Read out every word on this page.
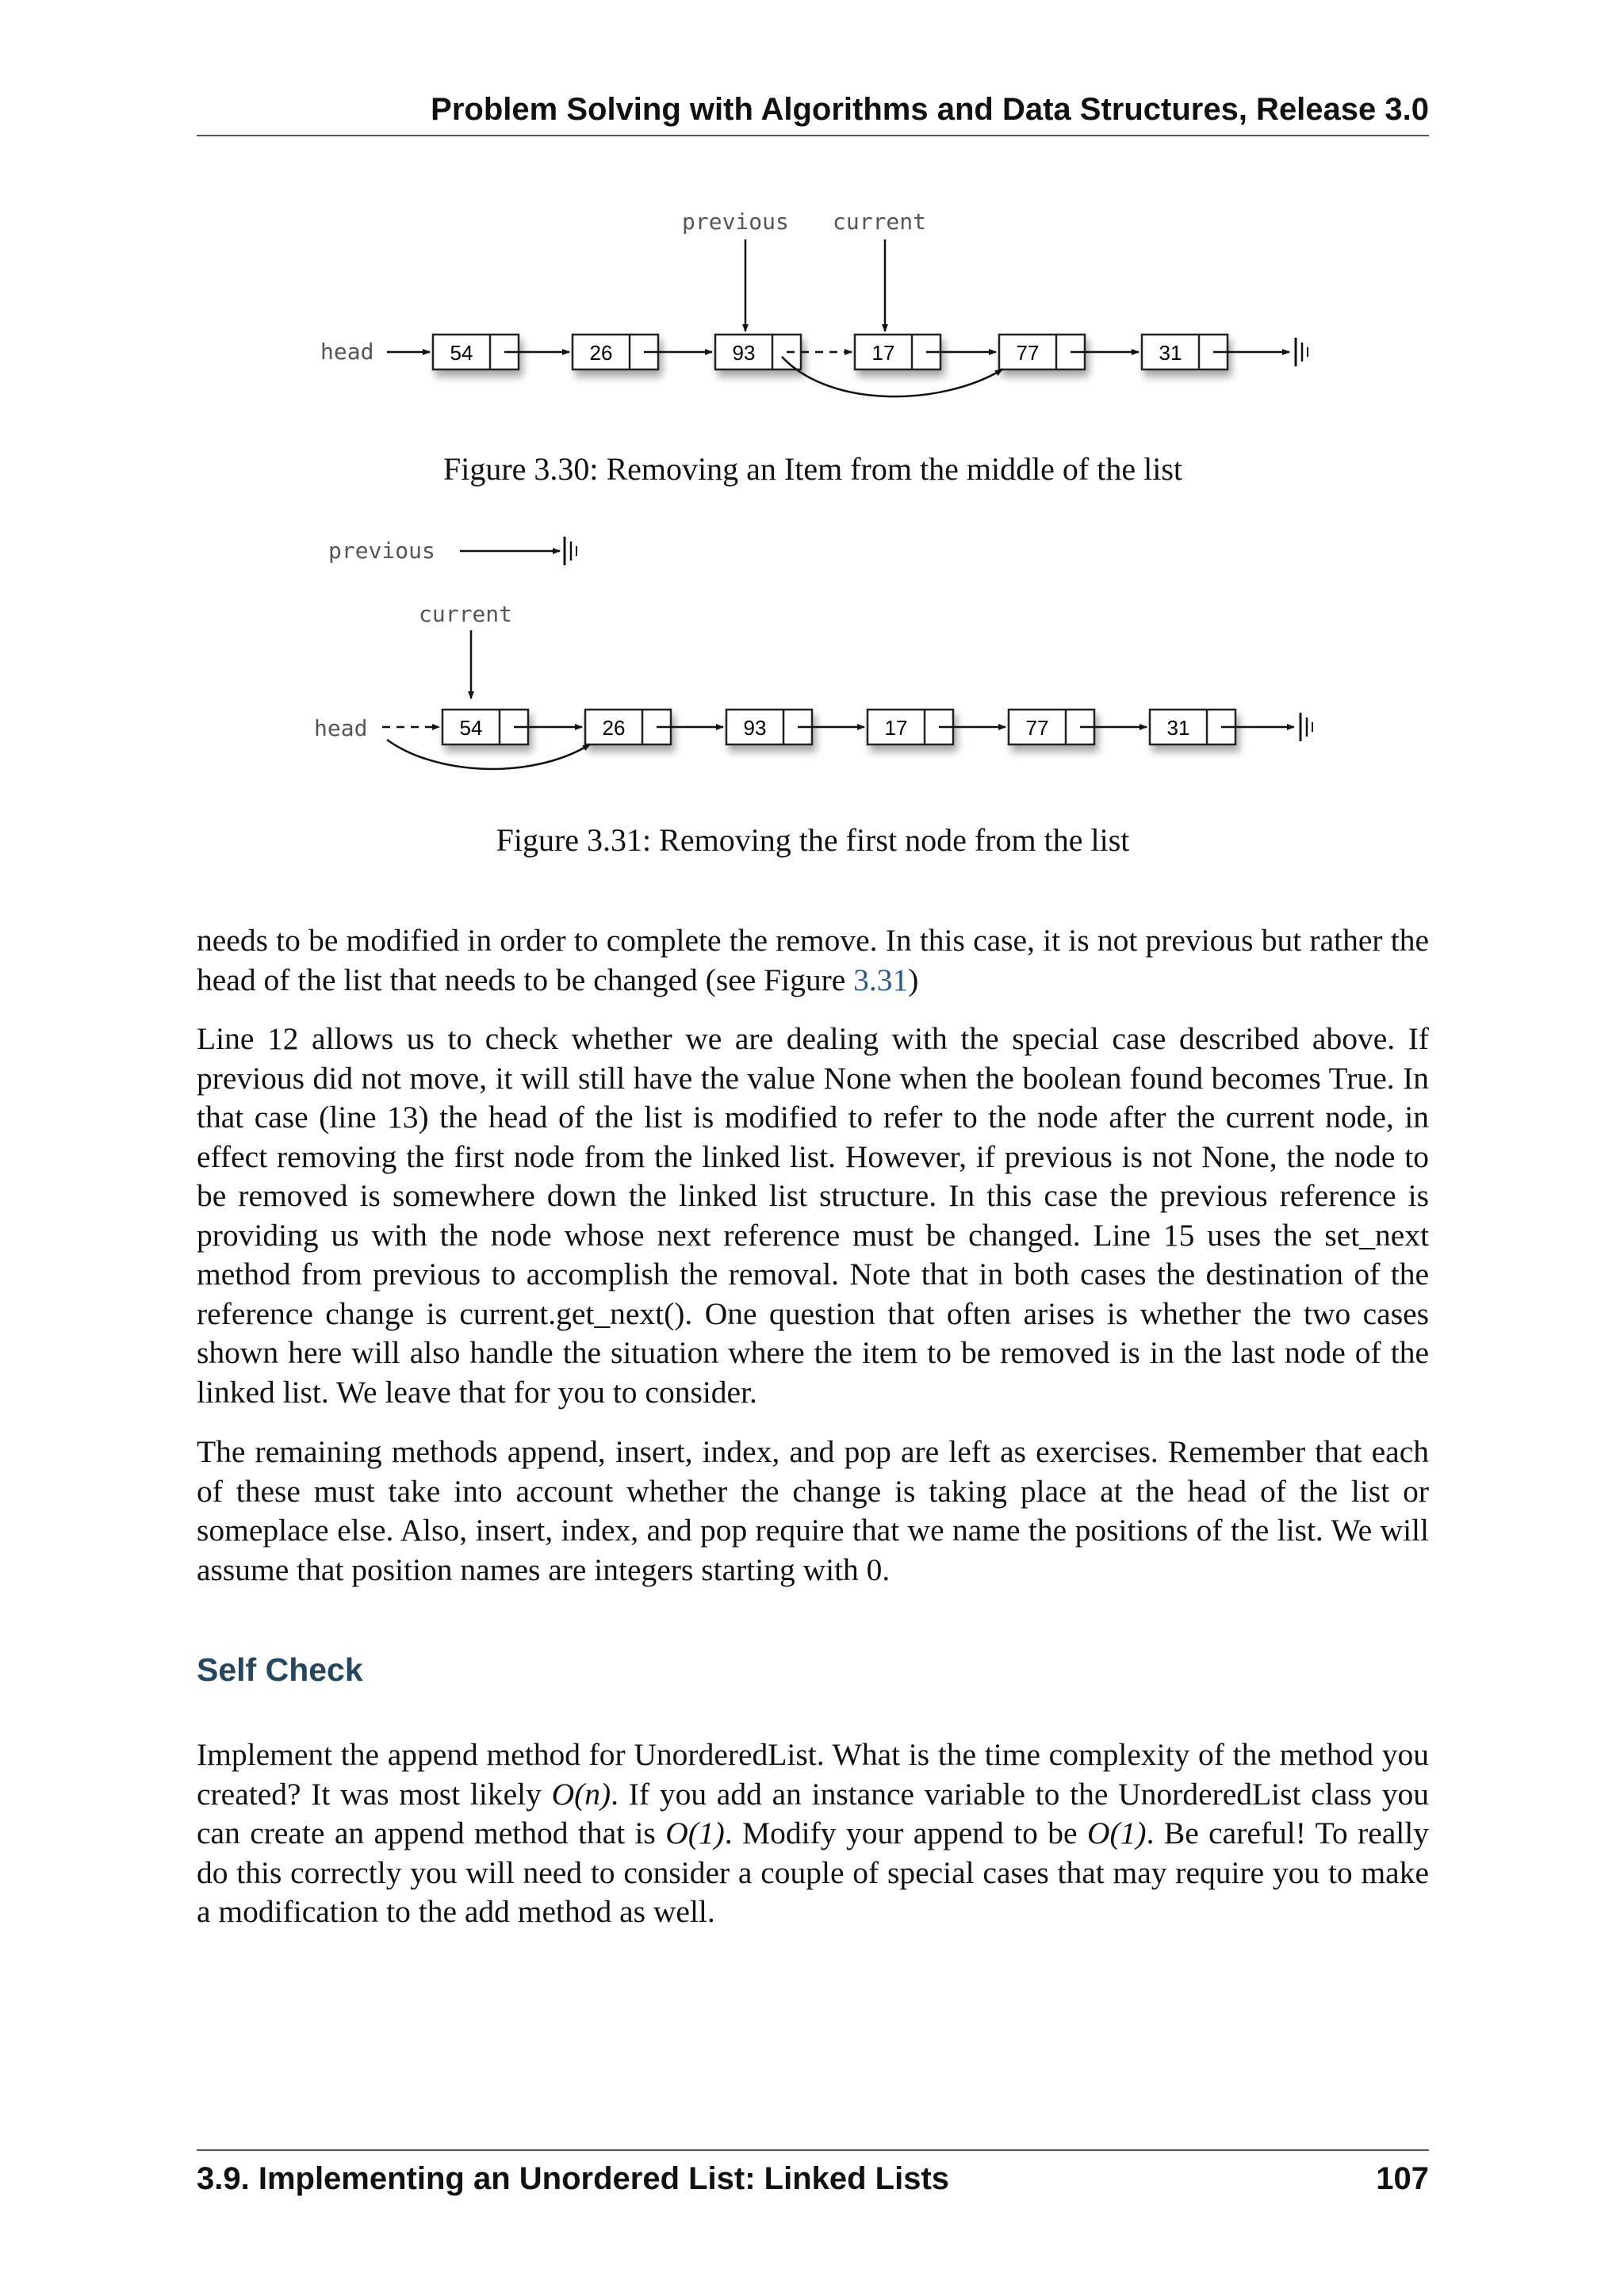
Problem Solving with Algorithms and Data Structures, Release 3.0
previous current
head	54	26	93	17	77	31
Figure 3.30: Removing an Item from the middle of the list
previous
current
head	54	26	93	17	77	31
Figure 3.31: Removing the first node from the list

needs to be modified in order to complete the remove. In this case, it is not previous but rather the head of the list that needs to be changed (see Figure 3.31)

Line 12 allows us to check whether we are dealing with the special case described above. If previous did not move, it will still have the value None when the boolean found becomes True. In that case (line 13) the head of the list is modified to refer to the node after the current node, in effect removing the first node from the linked list. However, if previous is not None, the node to be removed is somewhere down the linked list structure. In this case the previous reference is providing us with the node whose next reference must be changed. Line 15 uses the set_next method from previous to accomplish the removal. Note that in both cases the destination of the reference change is current.get_next(). One question that often arises is whether the two cases shown here will also handle the situation where the item to be removed is in the last node of the linked list. We leave that for you to consider.

The remaining methods append, insert, index, and pop are left as exercises. Remember that each of these must take into account whether the change is taking place at the head of the list or someplace else. Also, insert, index, and pop require that we name the positions of the list. We will assume that position names are integers starting with 0.

Self Check

Implement the append method for UnorderedList. What is the time complexity of the method you created? It was most likely O(n). If you add an instance variable to the UnorderedList class you can create an append method that is O(1). Modify your append to be O(1). Be careful! To really do this correctly you will need to consider a couple of special cases that may require you to make a modification to the add method as well.

3.9. Implementing an Unordered List: Linked Lists	107
